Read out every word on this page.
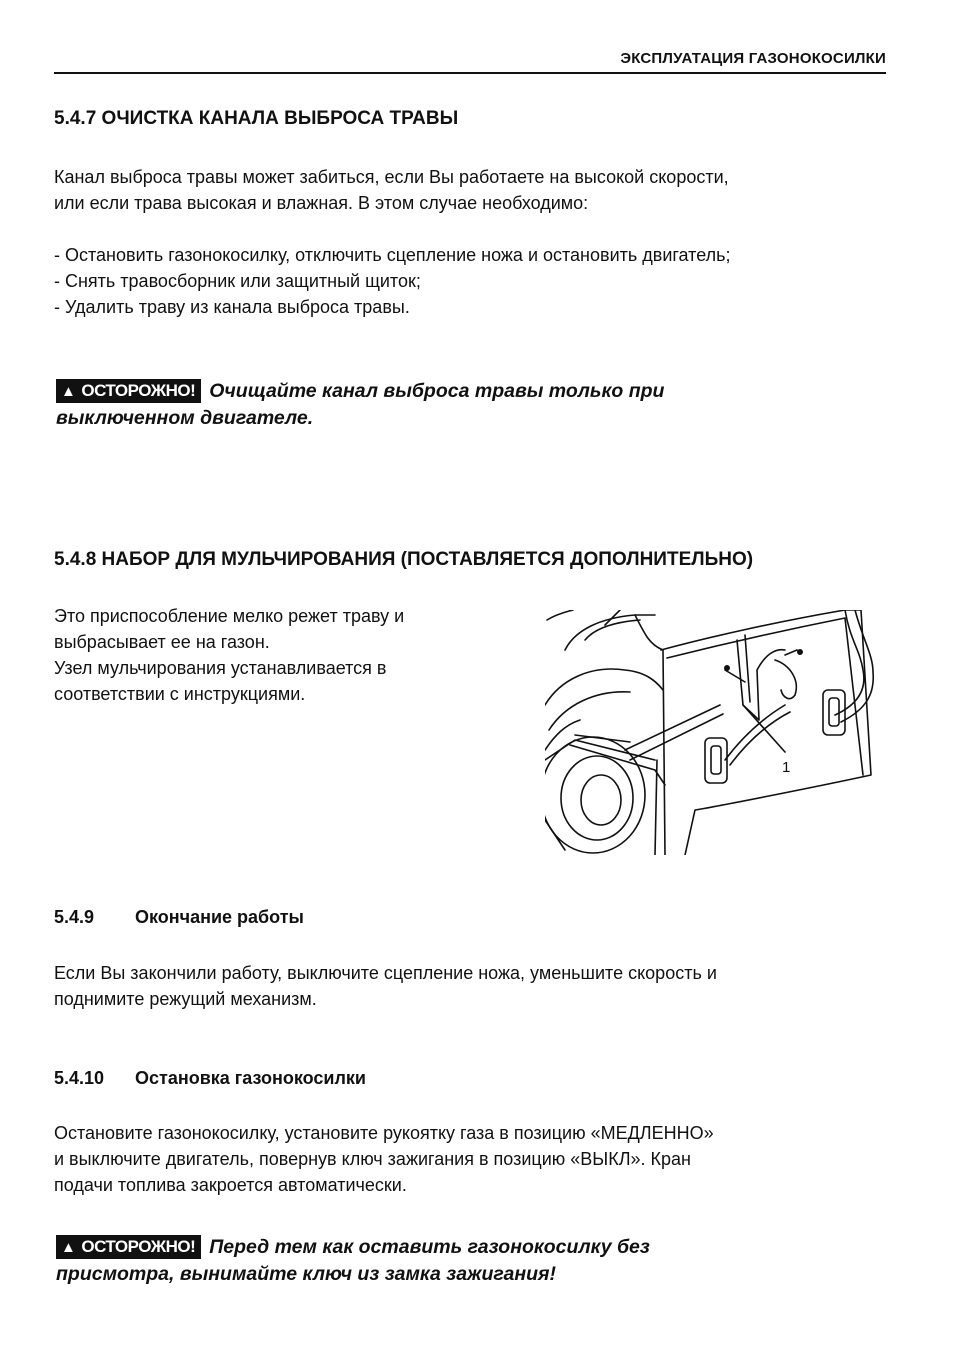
ЭКСПЛУАТАЦИЯ ГАЗОНОКОСИЛКИ
5.4.7 ОЧИСТКА КАНАЛА ВЫБРОСА ТРАВЫ
Канал выброса травы может забиться, если Вы работаете на высокой скорости,
или если трава высокая и влажная. В этом случае необходимо:
- Остановить газонокосилку, отключить сцепление ножа и остановить двигатель;
- Снять травосборник или защитный щиток;
- Удалить траву из канала выброса травы.
▲ ОСТОРОЖНО! Очищайте канал выброса травы только при
выключенном двигателе.
5.4.8 НАБОР ДЛЯ МУЛЬЧИРОВАНИЯ (ПОСТАВЛЯЕТСЯ ДОПОЛНИТЕЛЬНО)
Это приспособление мелко режет траву и
выбрасывает ее на газон.
Узел мульчирования устанавливается в
соответствии с инструкциями.
1
5.4.9 Окончание работы
Если Вы закончили работу, выключите сцепление ножа, уменьшите скорость и
поднимите режущий механизм.
5.4.10 Остановка газонокосилки
Остановите газонокосилку, установите рукоятку газа в позицию «МЕДЛЕННО»
и выключите двигатель, повернув ключ зажигания в позицию «ВЫКЛ». Кран
подачи топлива закроется автоматически.
▲ ОСТОРОЖНО! Перед тем как оставить газонокосилку без
присмотра, вынимайте ключ из замка зажигания!
